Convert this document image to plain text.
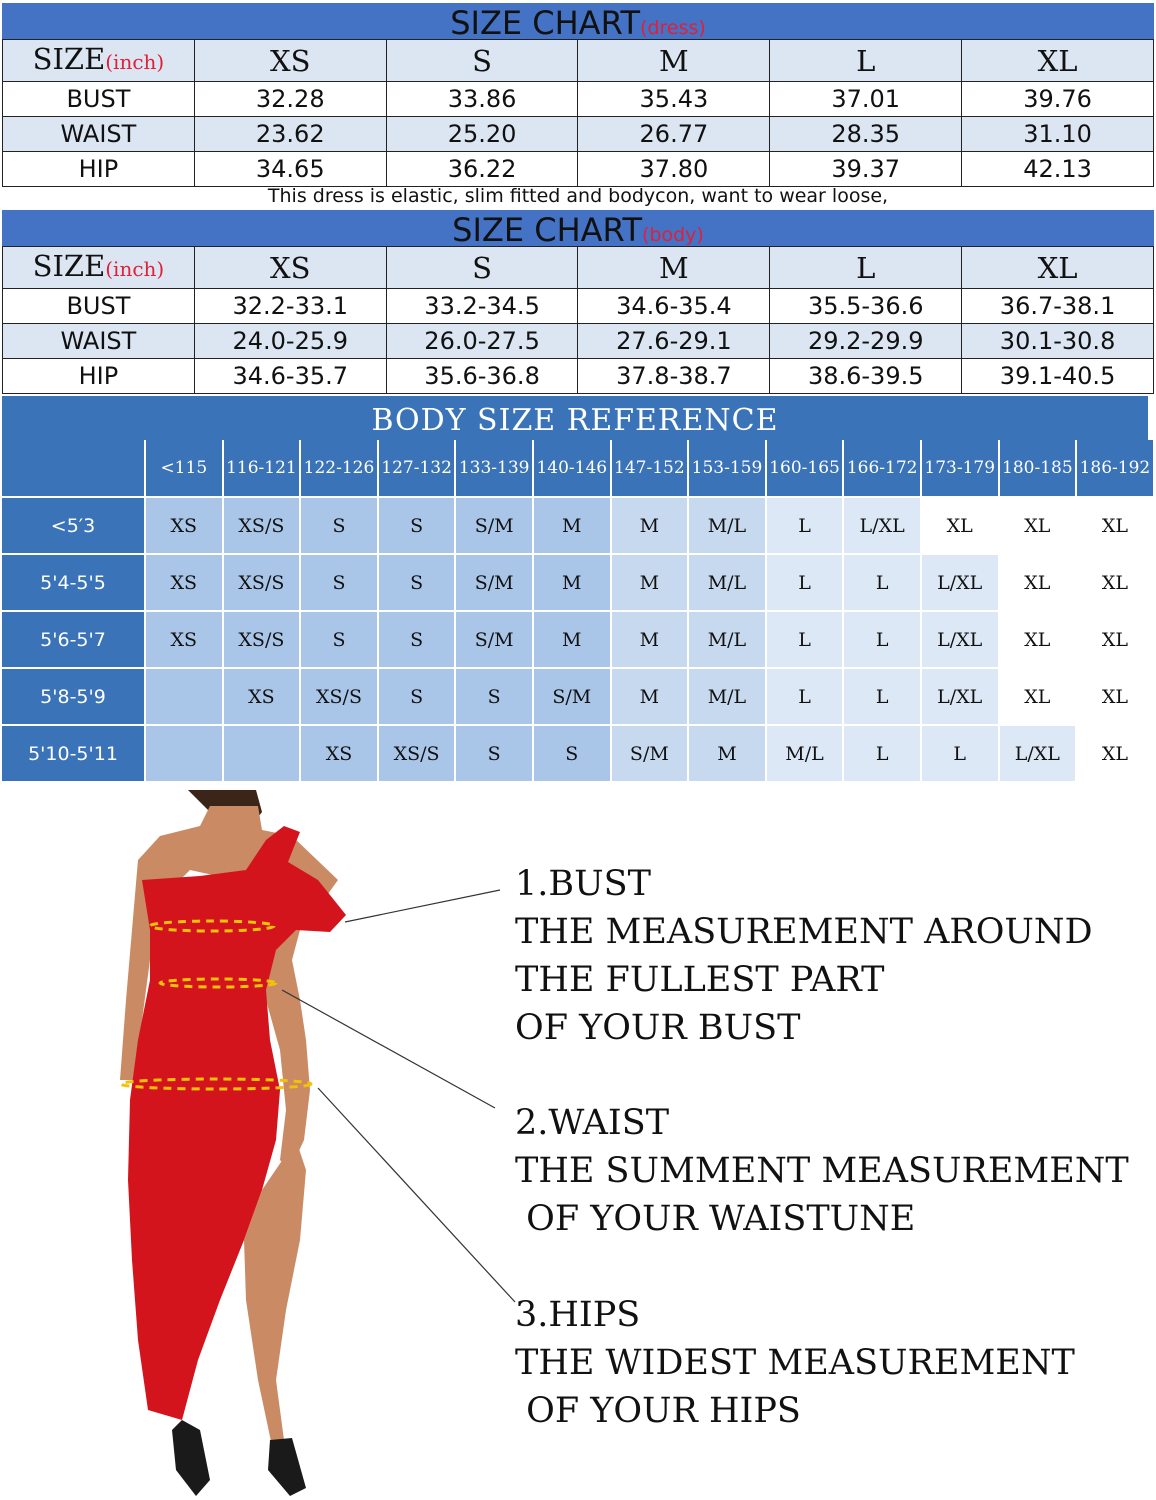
SIZE CHART(dress)
SIZE(inch)	XS	S	M	L	XL
BUST	32.28	33.86	35.43	37.01	39.76
WAIST	23.62	25.20	26.77	28.35	31.10
HIP	34.65	36.22	37.80	39.37	42.13
This dress is elastic, slim fitted and bodycon, want to wear loose,
SIZE CHART(body)
SIZE(inch)	XS	S	M	L	XL
BUST	32.2-33.1	33.2-34.5	34.6-35.4	35.5-36.6	36.7-38.1
WAIST	24.0-25.9	26.0-27.5	27.6-29.1	29.2-29.9	30.1-30.8
HIP	34.6-35.7	35.6-36.8	37.8-38.7	38.6-39.5	39.1-40.5
BODY SIZE REFERENCE
	<115	116-121	122-126	127-132	133-139	140-146	147-152	153-159	160-165	166-172	173-179	180-185	186-192
<5′3	XS	XS/S	S	S	S/M	M	M	M/L	L	L/XL	XL	XL	XL
5'4-5'5	XS	XS/S	S	S	S/M	M	M	M/L	L	L	L/XL	XL	XL
5'6-5'7	XS	XS/S	S	S	S/M	M	M	M/L	L	L	L/XL	XL	XL
5'8-5'9		XS	XS/S	S	S	S/M	M	M/L	L	L	L/XL	XL	XL
5'10-5'11			XS	XS/S	S	S	S/M	M	M/L	L	L	L/XL	XL
1.BUST
THE MEASUREMENT AROUND
THE FULLEST PART
OF YOUR BUST
2.WAIST
THE SUMMENT MEASUREMENT
OF YOUR WAISTUNE
3.HIPS
THE WIDEST MEASUREMENT
OF YOUR HIPS
